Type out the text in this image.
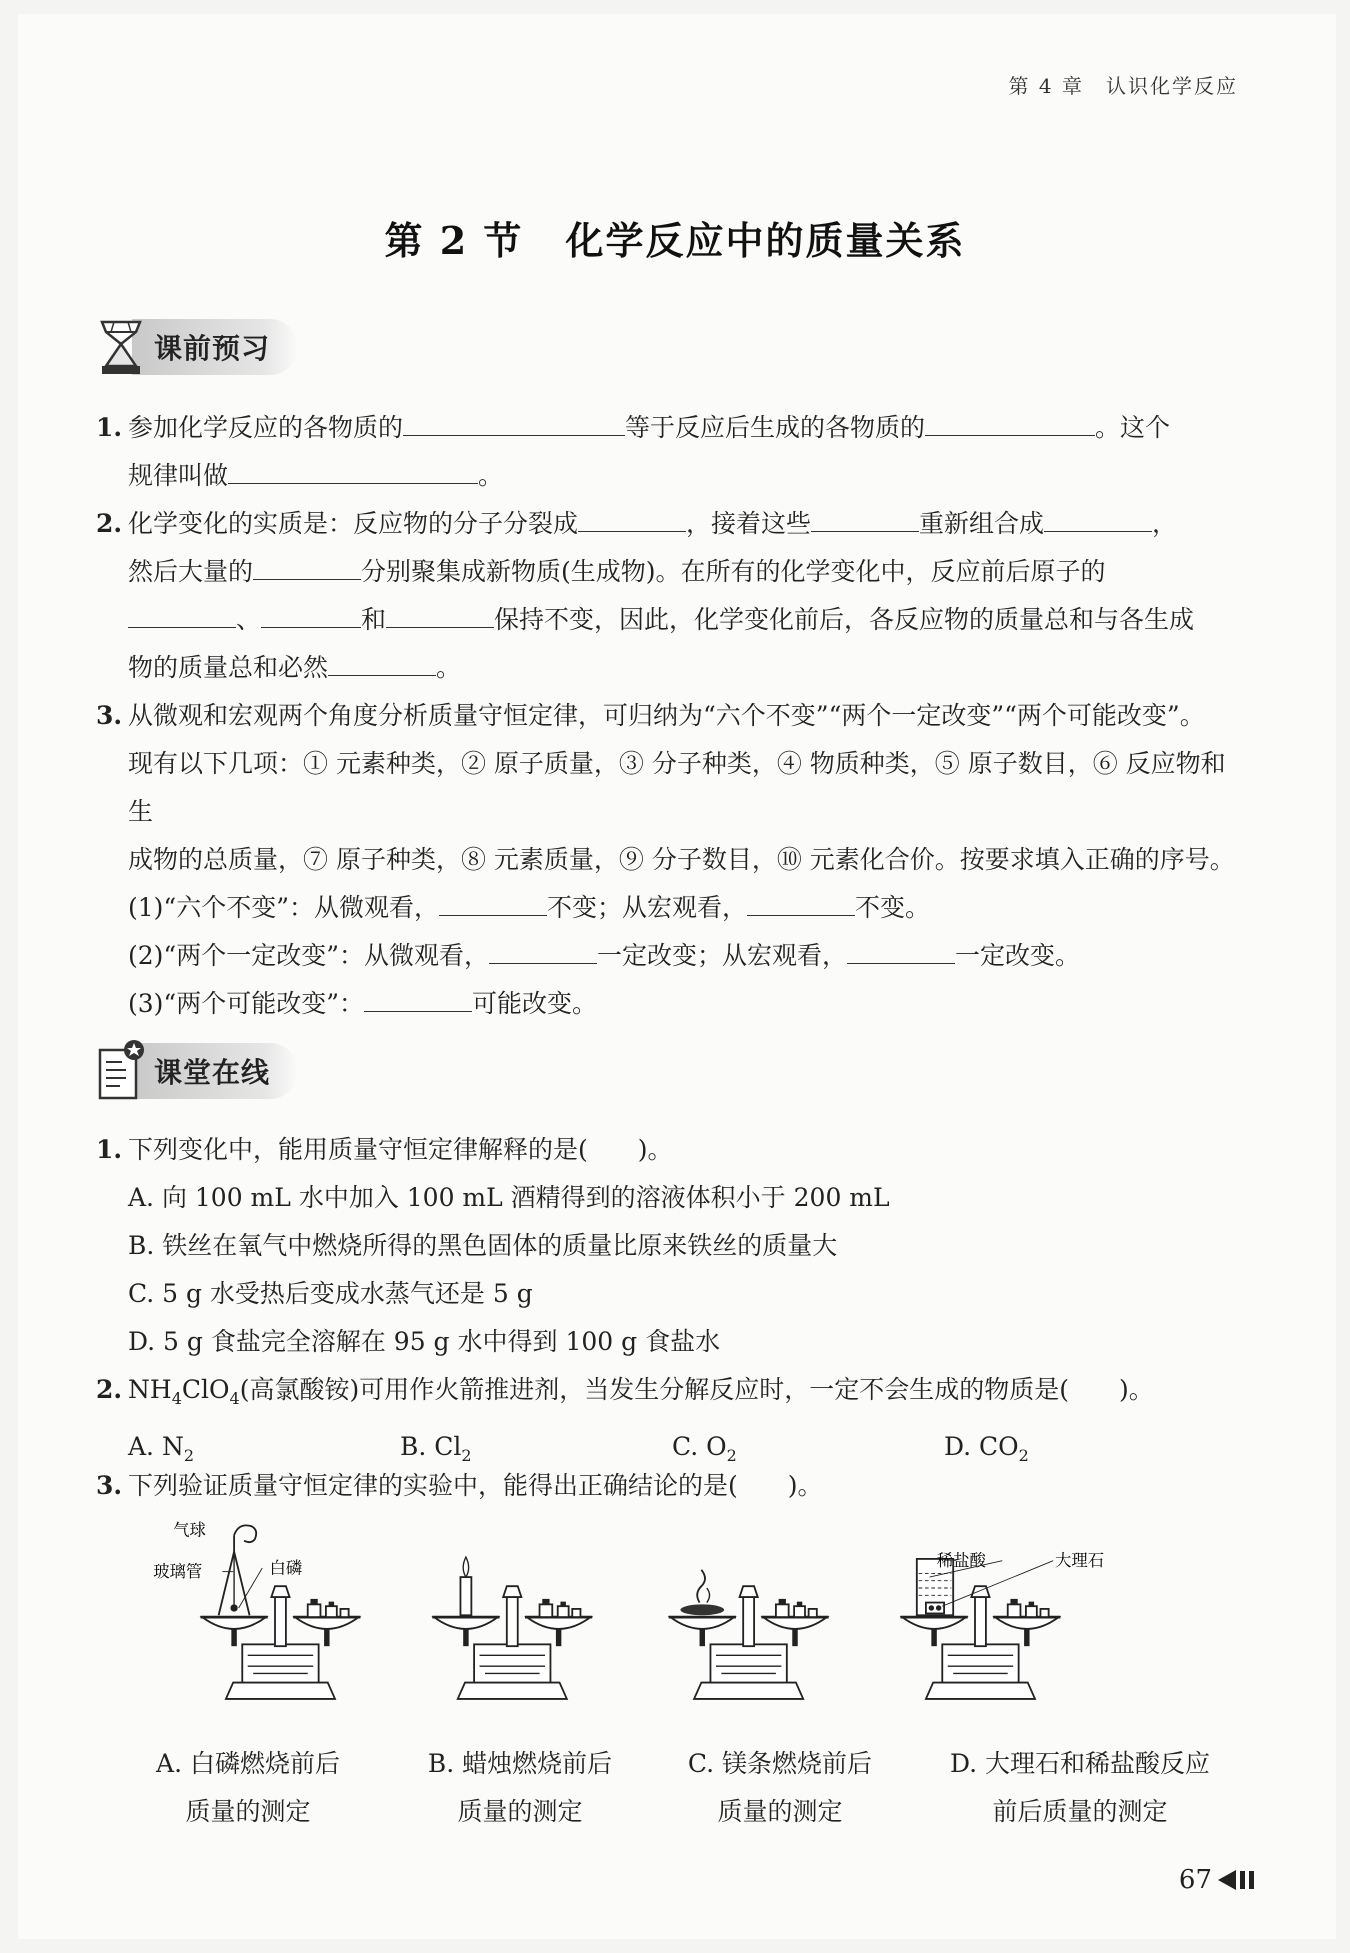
第 4 章 认识化学反应
第 2 节 化学反应中的质量关系
课前预习
1. 参加化学反应的各物质的	等于反应后生成的各物质的	。这个
规律叫做	。
2. 化学变化的实质是：反应物的分子分裂成	，接着这些	重新组合成	，
然后大量的	分别聚集成新物质(生成物)。在所有的化学变化中，反应前后原子的
、	和	保持不变，因此，化学变化前后，各反应物的质量总和与各生成
物的质量总和必然	。
3. 从微观和宏观两个角度分析质量守恒定律，可归纳为“六个不变”“两个一定改变”“两个可能改变”。
现有以下几项：① 元素种类，② 原子质量，③ 分子种类，④ 物质种类，⑤ 原子数目，⑥ 反应物和生
成物的总质量，⑦ 原子种类，⑧ 元素质量，⑨ 分子数目，⑩ 元素化合价。按要求填入正确的序号。
(1)“六个不变”：从微观看，	不变；从宏观看，	不变。
(2)“两个一定改变”：从微观看，	一定改变；从宏观看，	一定改变。
(3)“两个可能改变”：	可能改变。
课堂在线
1. 下列变化中，能用质量守恒定律解释的是(　　)。
A. 向 100 mL 水中加入 100 mL 酒精得到的溶液体积小于 200 mL
B. 铁丝在氧气中燃烧所得的黑色固体的质量比原来铁丝的质量大
C. 5 g 水受热后变成水蒸气还是 5 g
D. 5 g 食盐完全溶解在 95 g 水中得到 100 g 食盐水
2. $NH_4ClO_4$(高氯酸铵)可用作火箭推进剂，当发生分解反应时，一定不会生成的物质是(　　)。
A. $N_2$	B. $Cl_2$	C. $O_2$	D. $CO_2$
3. 下列验证质量守恒定律的实验中，能得出正确结论的是(　　)。
气球
玻璃管	白磷	稀盐酸	大理石
A. 白磷燃烧前后
质量的测定
B. 蜡烛燃烧前后
质量的测定
C. 镁条燃烧前后
质量的测定
D. 大理石和稀盐酸反应
前后质量的测定
67
